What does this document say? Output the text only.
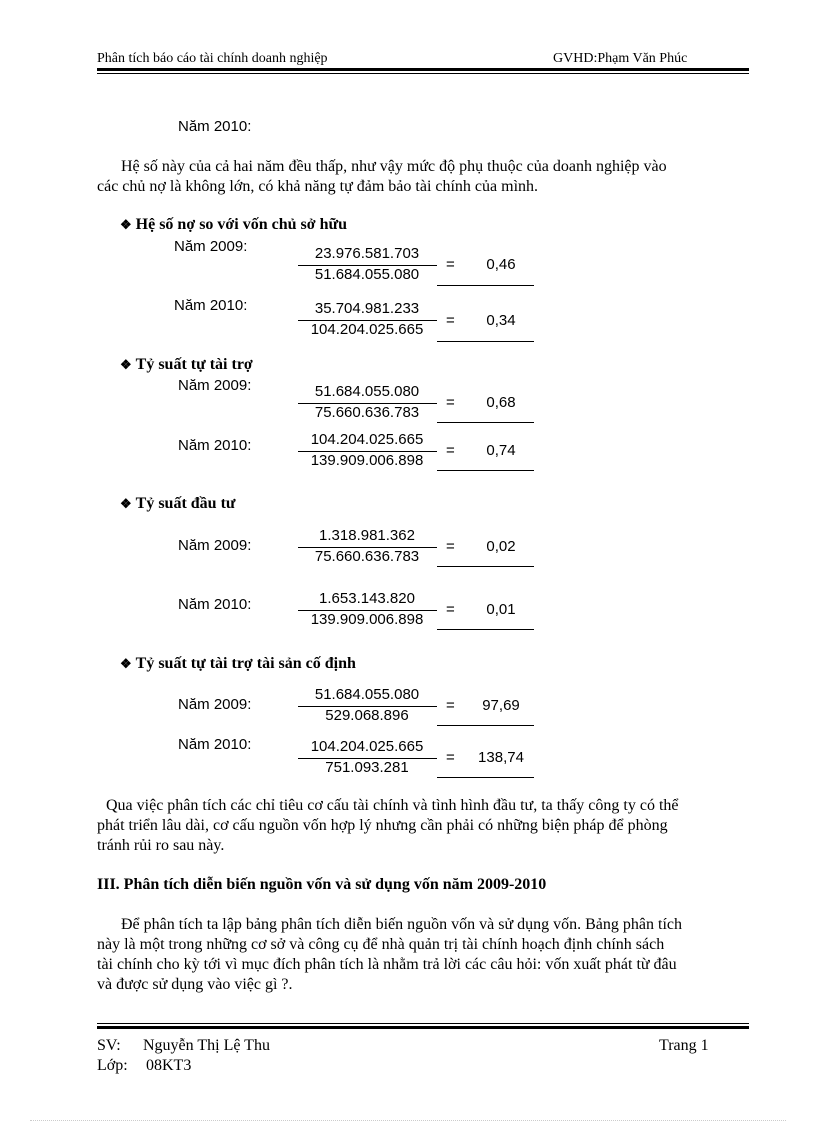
Phân tích báo cáo tài chính doanh nghiệp	GVHD:Phạm Văn Phúc
Năm 2010:
Hệ số này của cả hai năm đều thấp, như vậy mức độ phụ thuộc của doanh nghiệp vào
các chủ nợ là không lớn, có khả năng tự đảm bảo tài chính của mình.
❖ Hệ số nợ so với vốn chủ sở hữu
Năm 2009:	23.976.581.703
51.684.055.080
=	0,46
Năm 2010:	35.704.981.233
104.204.025.665
=	0,34
❖ Tỷ suất tự tài trợ
Năm 2009:	51.684.055.080
75.660.636.783
=	0,68
Năm 2010:	104.204.025.665
139.909.006.898
=	0,74
❖ Tỷ suất đầu tư
Năm 2009:
1.318.981.362
75.660.636.783
=	0,02
Năm 2010:	1.653.143.820
139.909.006.898
=	0,01
❖ Tỷ suất tự tài trợ tài sản cố định
Năm 2009:
51.684.055.080
529.068.896
=	97,69
Năm 2010:	104.204.025.665
751.093.281
=	138,74
Qua việc phân tích các chỉ tiêu cơ cấu tài chính và tình hình đầu tư, ta thấy công ty có thể
phát triển lâu dài, cơ cấu nguồn vốn hợp lý nhưng cần phải có những biện pháp để phòng
tránh rủi ro sau này.
III. Phân tích diễn biến nguồn vốn và sử dụng vốn năm 2009-2010
Để phân tích ta lập bảng phân tích diễn biến nguồn vốn và sử dụng vốn. Bảng phân tích
này là một trong những cơ sở và công cụ để nhà quản trị tài chính hoạch định chính sách
tài chính cho kỳ tới vì mục đích phân tích là nhằm trả lời các câu hỏi: vốn xuất phát từ đâu
và được sử dụng vào việc gì ?.
SV: Nguyễn Thị Lệ Thu	Trang 1
Lớp: 08KT3
